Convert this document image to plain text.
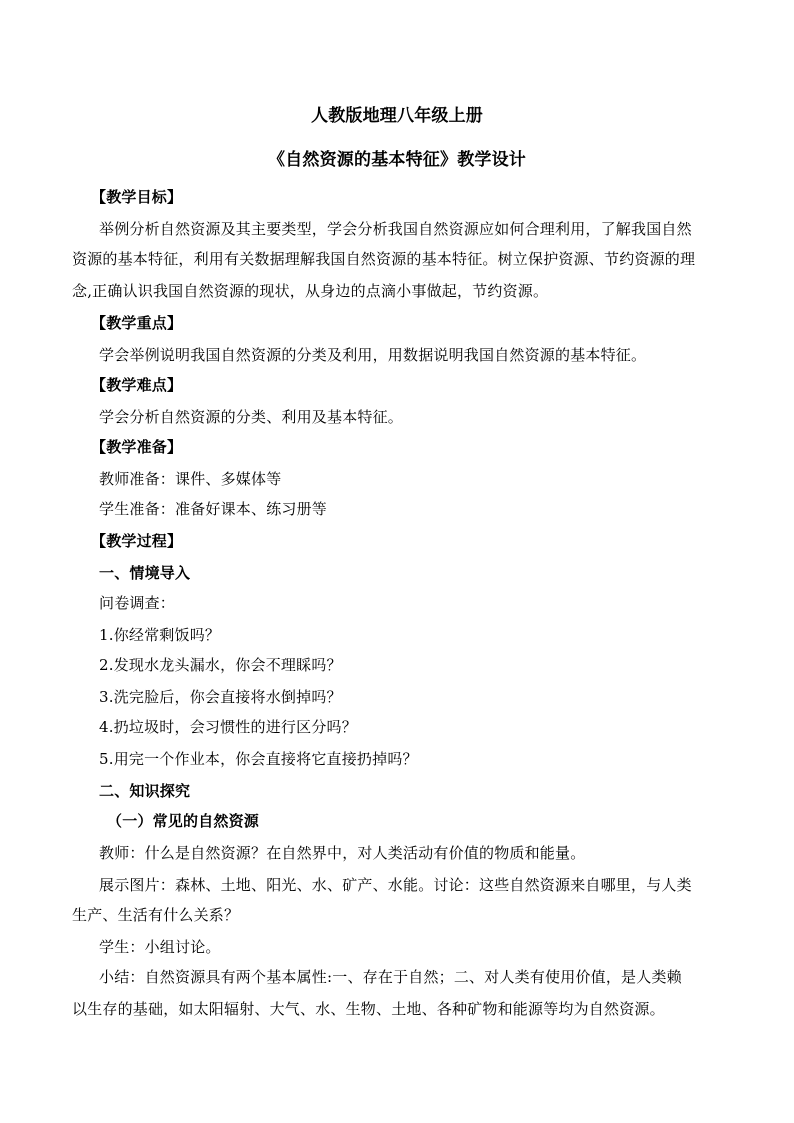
人教版地理八年级上册
《自然资源的基本特征》教学设计
【教学目标】
举例分析自然资源及其主要类型，学会分析我国自然资源应如何合理利用，了解我国自然
资源的基本特征，利用有关数据理解我国自然资源的基本特征。树立保护资源、节约资源的理
念,正确认识我国自然资源的现状，从身边的点滴小事做起，节约资源。
【教学重点】
学会举例说明我国自然资源的分类及利用，用数据说明我国自然资源的基本特征。
【教学难点】
学会分析自然资源的分类、利用及基本特征。
【教学准备】
教师准备：课件、多媒体等
学生准备：准备好课本、练习册等
【教学过程】
一、情境导入
问卷调查：
1.你经常剩饭吗？
2.发现水龙头漏水，你会不理睬吗？
3.洗完脸后，你会直接将水倒掉吗？
4.扔垃圾时，会习惯性的进行区分吗？
5.用完一个作业本，你会直接将它直接扔掉吗？
二、知识探究
（一）常见的自然资源
教师：什么是自然资源？在自然界中，对人类活动有价值的物质和能量。
展示图片：森林、土地、阳光、水、矿产、水能。讨论：这些自然资源来自哪里，与人类
生产、生活有什么关系？
学生：小组讨论。
小结：自然资源具有两个基本属性:一、存在于自然；二、对人类有使用价值，是人类赖
以生存的基础，如太阳辐射、大气、水、生物、土地、各种矿物和能源等均为自然资源。
